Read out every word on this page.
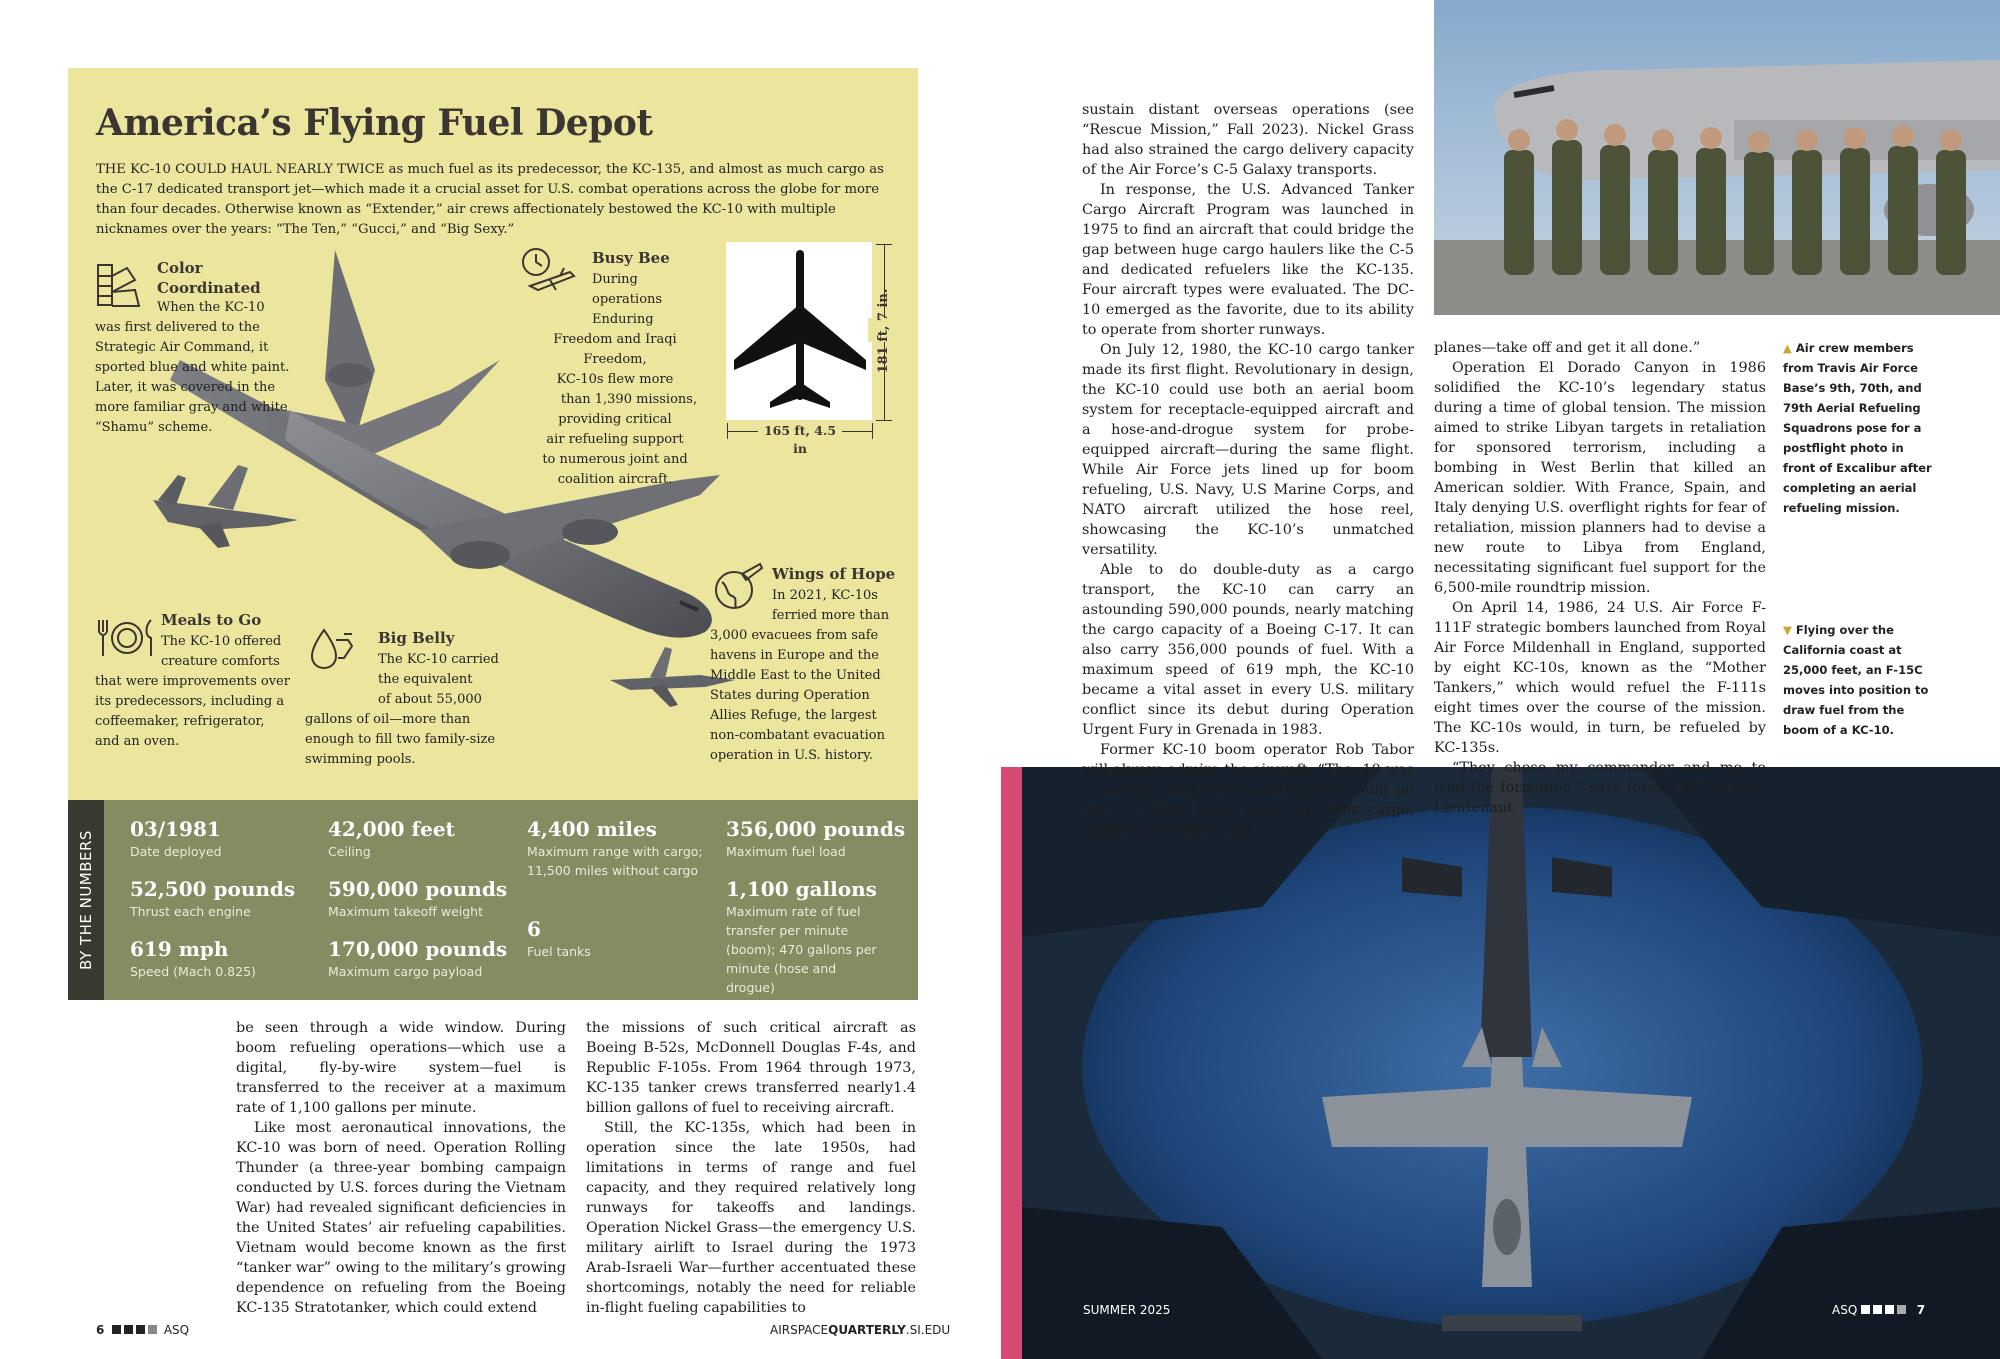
America’s Flying Fuel Depot
THE KC-10 COULD HAUL NEARLY TWICE as much fuel as its predecessor, the KC-135, and almost as much cargo as the C-17 dedicated transport jet—which made it a crucial asset for U.S. combat operations across the globe for more than four decades. Otherwise known as “Extender,” air crews affectionately bestowed the KC-10 with multiple nicknames over the years: “The Ten,” “Gucci,” and “Big Sexy.”
181 ft, 7 in.
165 ft, 4.5 in
Color
Coordinated
When the KC-10
was first delivered to the Strategic Air Command, it sported blue and white paint. Later, it was covered in the more familiar gray and white “Shamu” scheme.
Busy Bee
During operations
Enduring
Freedom and Iraqi Freedom,
KC-10s flew more
than 1,390 missions,
providing critical
air refueling support
to numerous joint and
coalition aircraft.
Meals to Go
The KC-10 offered
creature comforts
that were improvements over its predecessors, including a coffeemaker, refrigerator, and an oven.
Big Belly
The KC-10 carried
the equivalent
of about 55,000
gallons of oil—more than
enough to fill two family-size
swimming pools.
Wings of Hope
In 2021, KC-10s
ferried more than
3,000 evacuees from safe
havens in Europe and the
Middle East to the United
States during Operation
Allies Refuge, the largest
non-combatant evacuation
operation in U.S. history.
BY THE NUMBERS
03/1981
Date deployed
52,500 pounds
Thrust each engine
619 mph
Speed (Mach 0.825)
42,000 feet
Ceiling
590,000 pounds
Maximum takeoff weight
170,000 pounds
Maximum cargo payload
4,400 miles
Maximum range with cargo; 11,500 miles without cargo
6
Fuel tanks
356,000 pounds
Maximum fuel load
1,100 gallons
Maximum rate of fuel transfer per minute (boom); 470 gallons per minute (hose and drogue)

be seen through a wide window. During boom refueling operations—which use a digital, fly-by-wire system—fuel is transferred to the receiver at a maximum rate of 1,100 gallons per minute.

Like most aeronautical innovations, the KC-10 was born of need. Operation Rolling Thunder (a three-year bombing campaign conducted by U.S. forces during the Vietnam War) had revealed significant deficiencies in the United States’ air refueling capabilities. Vietnam would become known as the first “tanker war” owing to the military’s growing dependence on refueling from the Boeing KC-135 Stratotanker, which could extend

the missions of such critical aircraft as Boeing B-52s, McDonnell Douglas F-4s, and Republic F-105s. From 1964 through 1973, KC-135 tanker crews transferred nearly1.4 billion gallons of fuel to receiving aircraft.

Still, the KC-135s, which had been in operation since the late 1950s, had limitations in terms of range and fuel capacity, and they required relatively long runways for takeoffs and landings. Operation Nickel Grass—the emergency U.S. military airlift to Israel during the 1973 Arab-Israeli War—further accentuated these shortcomings, notably the need for reliable in-flight fueling capabilities to

6	ASQ	AIRSPACEQUARTERLY.SI.EDU

sustain distant overseas operations (see “Rescue Mission,” Fall 2023). Nickel Grass had also strained the cargo delivery capacity of the Air Force’s C-5 Galaxy transports.

In response, the U.S. Advanced Tanker Cargo Aircraft Program was launched in 1975 to find an aircraft that could bridge the gap between huge cargo haulers like the C-5 and dedicated refuelers like the KC-135. Four aircraft types were evaluated. The DC-10 emerged as the favorite, due to its ability to operate from shorter runways.

On July 12, 1980, the KC-10 cargo tanker made its first flight. Revolutionary in design, the KC-10 could use both an aerial boom system for receptacle-equipped aircraft and a hose-and-drogue system for probe-equipped aircraft—during the same flight. While Air Force jets lined up for boom refueling, U.S. Navy, U.S Marine Corps, and NATO aircraft utilized the hose reel, showcasing the KC-10’s unmatched versatility.

Able to do double-duty as a cargo transport, the KC-10 can carry an astounding 590,000 pounds, nearly matching the cargo capacity of a Boeing C-17. It can also carry 356,000 pounds of fuel. With a maximum speed of 619 mph, the KC-10 became a vital asset in every U.S. military conflict since its debut during Operation Urgent Fury in Grenada in 1983.

Former KC-10 boom operator Rob Tabor will always admire the aircraft: “The -10 was a marvel—dual-role capability. We could go into a fighter base, scoop up their cargo, support personnel, and

planes—take off and get it all done.”

Operation El Dorado Canyon in 1986 solidified the KC-10’s legendary status during a time of global tension. The mission aimed to strike Libyan targets in retaliation for sponsored terrorism, including a bombing in West Berlin that killed an American soldier. With France, Spain, and Italy denying U.S. overflight rights for fear of retaliation, mission planners had to devise a new route to Libya from England, necessitating significant fuel support for the 6,500-mile roundtrip mission.

On April 14, 1986, 24 U.S. Air Force F-111F strategic bombers launched from Royal Air Force Mildenhall in England, supported by eight KC-10s, known as the “Mother Tankers,” which would refuel the F-111s eight times over the course of the mission. The KC-10s would, in turn, be refueled by KC-135s.

“They chose my commander and me to lead the formation,” says former KC-10 pilot Lieutenant

▲ Air crew members from Travis Air Force Base’s 9th, 70th, and 79th Aerial Refueling Squadrons pose for a postflight photo in front of Excalibur after completing an aerial refueling mission.
▼ Flying over the California coast at 25,000 feet, an F-15C moves into position to draw fuel from the boom of a KC-10.
SUMMER 2025	ASQ	7
